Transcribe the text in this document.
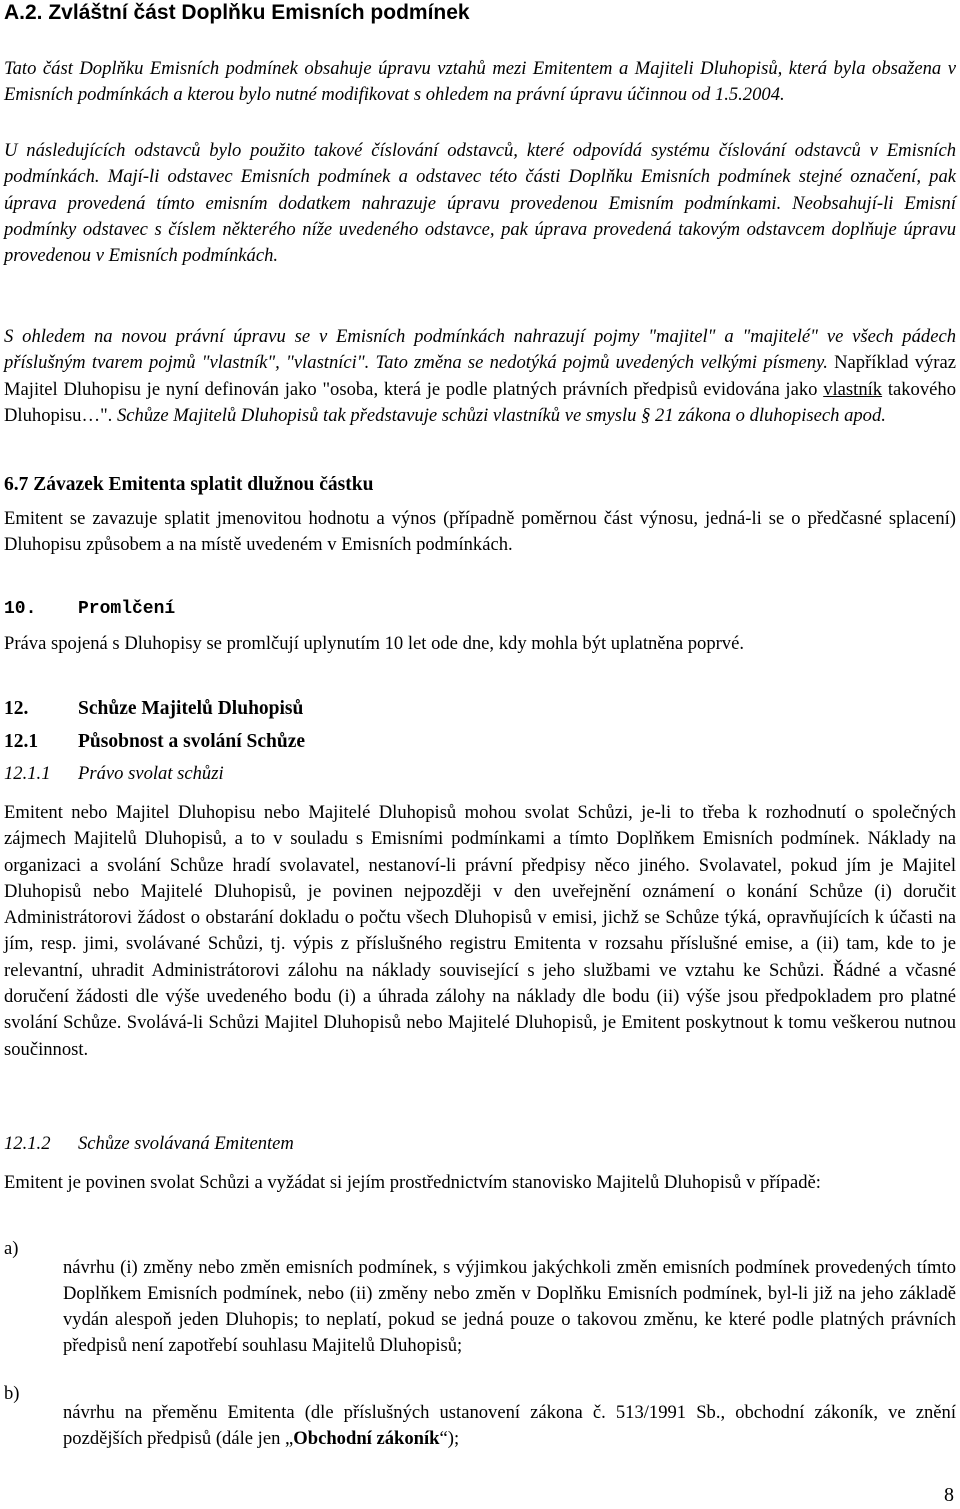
A.2. Zvláštní část Doplňku Emisních podmínek

Tato část Doplňku Emisních podmínek obsahuje úpravu vztahů mezi Emitentem a Majiteli Dluhopisů, která byla obsažena v Emisních podmínkách a kterou bylo nutné modifikovat s ohledem na právní úpravu účinnou od 1.5.2004.

U následujících odstavců bylo použito takové číslování odstavců, které odpovídá systému číslování odstavců v Emisních podmínkách. Mají-li odstavec Emisních podmínek a odstavec této části Doplňku Emisních podmínek stejné označení, pak úprava provedená tímto emisním dodatkem nahrazuje úpravu provedenou Emisním podmínkami. Neobsahují-li Emisní podmínky odstavec s číslem některého níže uvedeného odstavce, pak úprava provedená takovým odstavcem doplňuje úpravu provedenou v Emisních podmínkách.

S ohledem na novou právní úpravu se v Emisních podmínkách nahrazují pojmy "majitel" a "majitelé" ve všech pádech příslušným tvarem pojmů "vlastník", "vlastníci". Tato změna se nedotýká pojmů uvedených velkými písmeny. Například výraz Majitel Dluhopisu je nyní definován jako "osoba, která je podle platných právních předpisů evidována jako vlastník takového Dluhopisu…". Schůze Majitelů Dluhopisů tak představuje schůzi vlastníků ve smyslu § 21 zákona o dluhopisech apod.

6.7 Závazek Emitenta splatit dlužnou částku

Emitent se zavazuje splatit jmenovitou hodnotu a výnos (případně poměrnou část výnosu, jedná-li se o předčasné splacení) Dluhopisu způsobem a na místě uvedeném v Emisních podmínkách.

10. Promlčení

Práva spojená s Dluhopisy se promlčují uplynutím 10 let ode dne, kdy mohla být uplatněna poprvé.

12.	Schůze Majitelů Dluhopisů
12.1 Působnost a svolání Schůze
12.1.1 Právo svolat schůzi

Emitent nebo Majitel Dluhopisu nebo Majitelé Dluhopisů mohou svolat Schůzi, je-li to třeba k rozhodnutí o společných zájmech Majitelů Dluhopisů, a to v souladu s Emisními podmínkami a tímto Doplňkem Emisních podmínek. Náklady na organizaci a svolání Schůze hradí svolavatel, nestanoví-li právní předpisy něco jiného. Svolavatel, pokud jím je Majitel Dluhopisů nebo Majitelé Dluhopisů, je povinen nejpozději v den uveřejnění oznámení o konání Schůze (i) doručit Administrátorovi žádost o obstarání dokladu o počtu všech Dluhopisů v emisi, jichž se Schůze týká, opravňujících k účasti na jím, resp. jimi, svolávané Schůzi, tj. výpis z příslušného registru Emitenta v rozsahu příslušné emise, a (ii) tam, kde to je relevantní, uhradit Administrátorovi zálohu na náklady související s jeho službami ve vztahu ke Schůzi. Řádné a včasné doručení žádosti dle výše uvedeného bodu (i) a úhrada zálohy na náklady dle bodu (ii) výše jsou předpokladem pro platné svolání Schůze. Svolává-li Schůzi Majitel Dluhopisů nebo Majitelé Dluhopisů, je Emitent poskytnout k tomu veškerou nutnou součinnost.

12.1.2 Schůze svolávaná Emitentem

Emitent je povinen svolat Schůzi a vyžádat si jejím prostřednictvím stanovisko Majitelů Dluhopisů v případě:

a)

návrhu (i) změny nebo změn emisních podmínek, s výjimkou jakýchkoli změn emisních podmínek provedených tímto Doplňkem Emisních podmínek, nebo (ii) změny nebo změn v Doplňku Emisních podmínek, byl-li již na jeho základě vydán alespoň jeden Dluhopis; to neplatí, pokud se jedná pouze o takovou změnu, ke které podle platných právních předpisů není zapotřebí souhlasu Majitelů Dluhopisů;

b)

návrhu na přeměnu Emitenta (dle příslušných ustanovení zákona č. 513/1991 Sb., obchodní zákoník, ve znění pozdějších předpisů (dále jen „Obchodní zákoník“);

8
